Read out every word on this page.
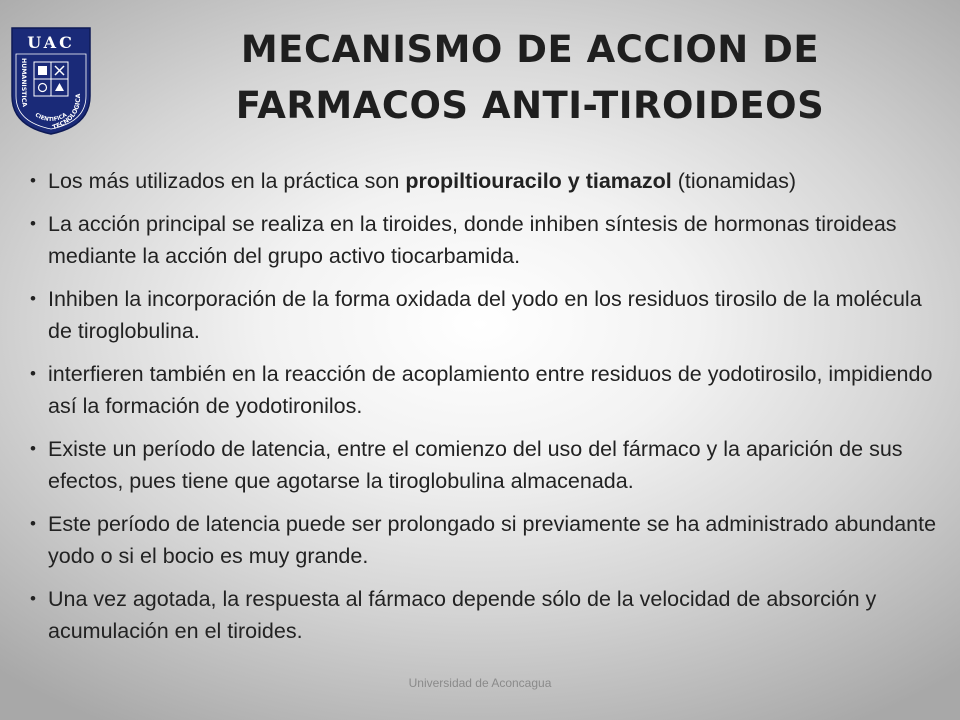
UAC
HUMANISTICA
TECNOLOGICA
CIENTIFICA
MECANISMO DE ACCION DE
FARMACOS ANTI-TIROIDEOS
• Los más utilizados en la práctica son propiltiouracilo y tiamazol (tionamidas)
• La acción principal se realiza en la tiroides, donde inhiben síntesis de hormonas tiroideas mediante la acción del grupo activo tiocarbamida.
• Inhiben la incorporación de la forma oxidada del yodo en los residuos tirosilo de la molécula de tiroglobulina.
• interfieren también en la reacción de acoplamiento entre residuos de yodotirosilo, impidiendo así la formación de yodotironilos.
• Existe un período de latencia, entre el comienzo del uso del fármaco y la aparición de sus efectos, pues tiene que agotarse la tiroglobulina almacenada.
• Este período de latencia puede ser prolongado si previamente se ha administrado abundante yodo o si el bocio es muy grande.
• Una vez agotada, la respuesta al fármaco depende sólo de la velocidad de absorción y acumulación en el tiroides.
Universidad de Aconcagua
